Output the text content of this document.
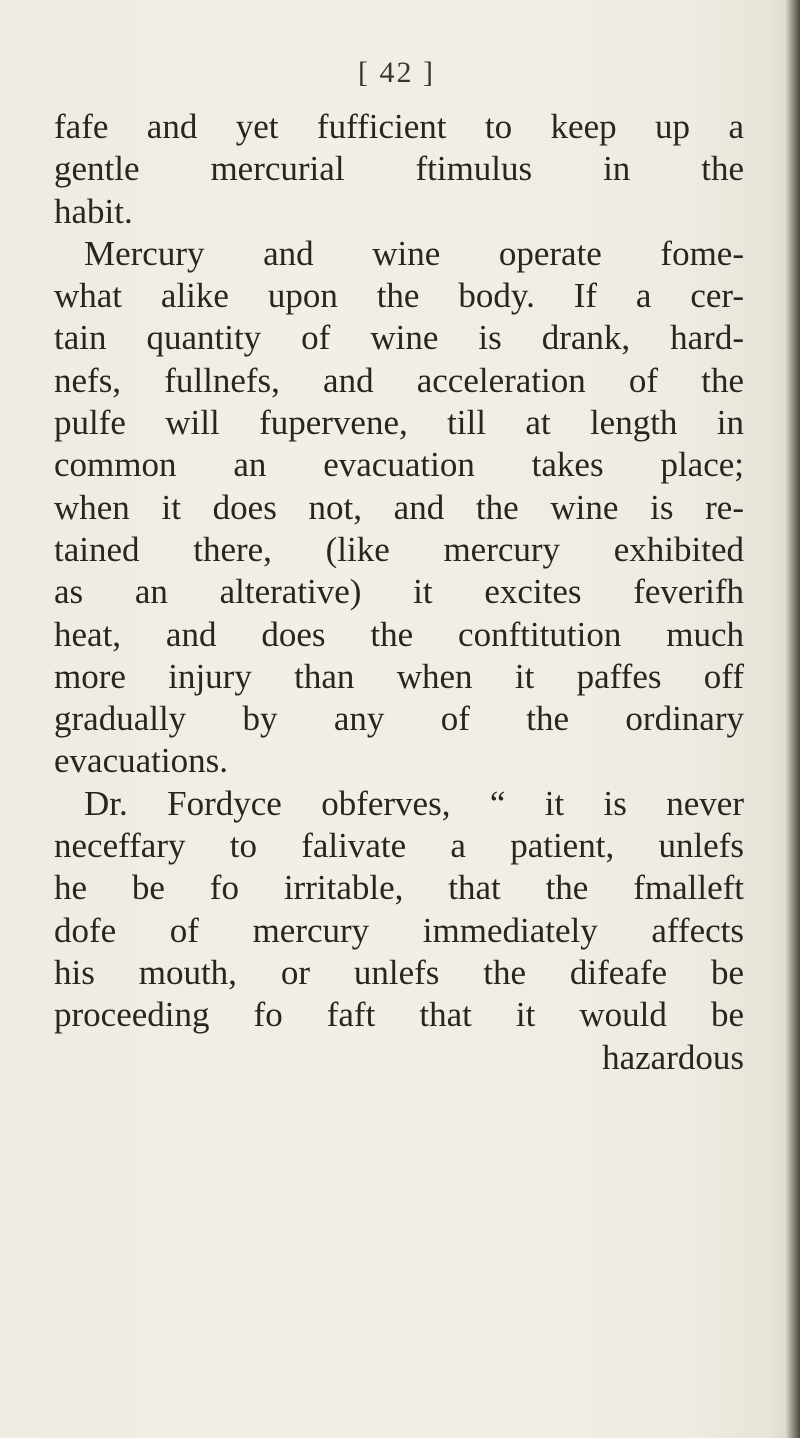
[ 42 ]
fafe and yet fufficient to keep up a
gentle mercurial ftimulus in the
habit.
Mercury and wine operate fome-
what alike upon the body. If a cer-
tain quantity of wine is drank, hard-
nefs, fullnefs, and acceleration of the
pulfe will fupervene, till at length in
common an evacuation takes place;
when it does not, and the wine is re-
tained there, (like mercury exhibited
as an alterative) it excites feverifh
heat, and does the conftitution much
more injury than when it paffes off
gradually by any of the ordinary
evacuations.
Dr. Fordyce obferves, “ it is never
neceffary to falivate a patient, unlefs
he be fo irritable, that the fmalleft
dofe of mercury immediately affects
his mouth, or unlefs the difeafe be
proceeding fo faft that it would be
hazardous
